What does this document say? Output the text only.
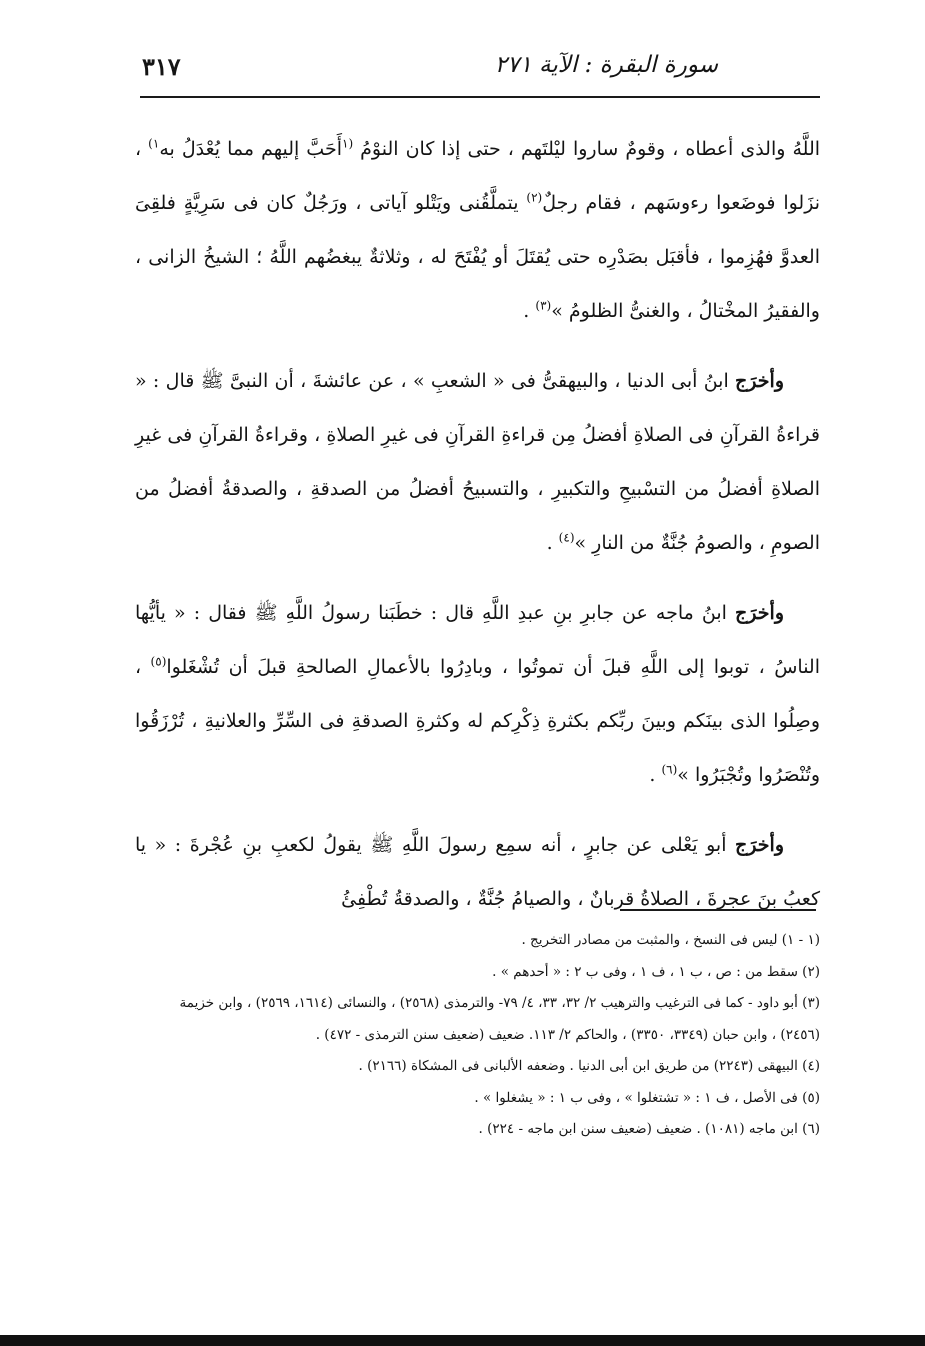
سورة البقرة : الآية ٢٧١
٣١٧

اللَّهُ والذى أعطاه ، وقومٌ ساروا ليْلتَهم ، حتى إذا كان النوْمُ $^{(١}$أَحَبَّ إليهم مما يُعْدَلُ به$^{١)}$ ، نزَلوا فوضَعوا رءوسَهم ، فقام رجلٌ$^{(٢)}$ يتملَّقُنى ويَتْلو آياتى ، ورَجُلٌ كان فى سَرِيَّةٍ فلقِىَ العدوَّ فهُزِموا ، فأقبَل بصَدْرِه حتى يُقتَلَ أو يُفْتَحَ له ، وثلاثةٌ يبغضُهم اللَّهُ ؛ الشيخُ الزانى ، والفقيرُ المخْتالُ ، والغنىُّ الظلومُ »$^{(٣)}$ .

وأخرَج ابنُ أبى الدنيا ، والبيهقىُّ فى « الشعبِ » ، عن عائشةَ ، أن النبىَّ ﷺ قال : « قراءةُ القرآنِ فى الصلاةِ أفضلُ مِن قراءةِ القرآنِ فى غيرِ الصلاةِ ، وقراءةُ القرآنِ فى غيرِ الصلاةِ أفضلُ من التسْبيحِ والتكبيرِ ، والتسبيحُ أفضلُ من الصدقةِ ، والصدقةُ أفضلُ من الصومِ ، والصومُ جُنَّةٌ من النارِ »$^{(٤)}$ .

وأخرَج ابنُ ماجه عن جابرِ بنِ عبدِ اللَّهِ قال : خطَبَنا رسولُ اللَّهِ ﷺ فقال : « يأيُّها الناسُ ، توبوا إلى اللَّهِ قبلَ أن تموتُوا ، وبادِرُوا بالأعمالِ الصالحةِ قبلَ أن تُشْغَلوا$^{(٥)}$ ، وصِلُوا الذى بينَكم وبينَ ربِّكم بكثرةِ ذِكْرِكم له وكثرةِ الصدقةِ فى السِّرِّ والعلانيةِ ، تُرْزَقُوا وتُنْصَرُوا وتُجْبَرُوا »$^{(٦)}$ .

وأخرَج أبو يَعْلى عن جابرٍ ، أنه سمِع رسولَ اللَّهِ ﷺ يقولُ لكعبِ بنِ عُجْرةَ : « يا كعبُ بنَ عجرةَ ، الصلاةُ قربانٌ ، والصيامُ جُنَّةٌ ، والصدقةُ تُطْفِئُ

(١ - ١) ليس فى النسخ ، والمثبت من مصادر التخريج .

(٢) سقط من : ص ، ب ١ ، ف ١ ، وفى ب ٢ : « أحدهم » .

(٣) أبو داود - كما فى الترغيب والترهيب ٢/ ٣٢، ٣٣، ٤/ ٧٩- والترمذى (٢٥٦٨) ، والنسائى (١٦١٤، ٢٥٦٩) ، وابن خزيمة (٢٤٥٦) ، وابن حبان (٣٣٤٩، ٣٣٥٠) ، والحاكم ٢/ ١١٣. ضعيف (ضعيف سنن الترمذى - ٤٧٢) .

(٤) البيهقى (٢٢٤٣) من طريق ابن أبى الدنيا . وضعفه الألبانى فى المشكاة (٢١٦٦) .

(٥) فى الأصل ، ف ١ : « تشتغلوا » ، وفى ب ١ : « يشغلوا » .

(٦) ابن ماجه (١٠٨١) . ضعيف (ضعيف سنن ابن ماجه - ٢٢٤) .
